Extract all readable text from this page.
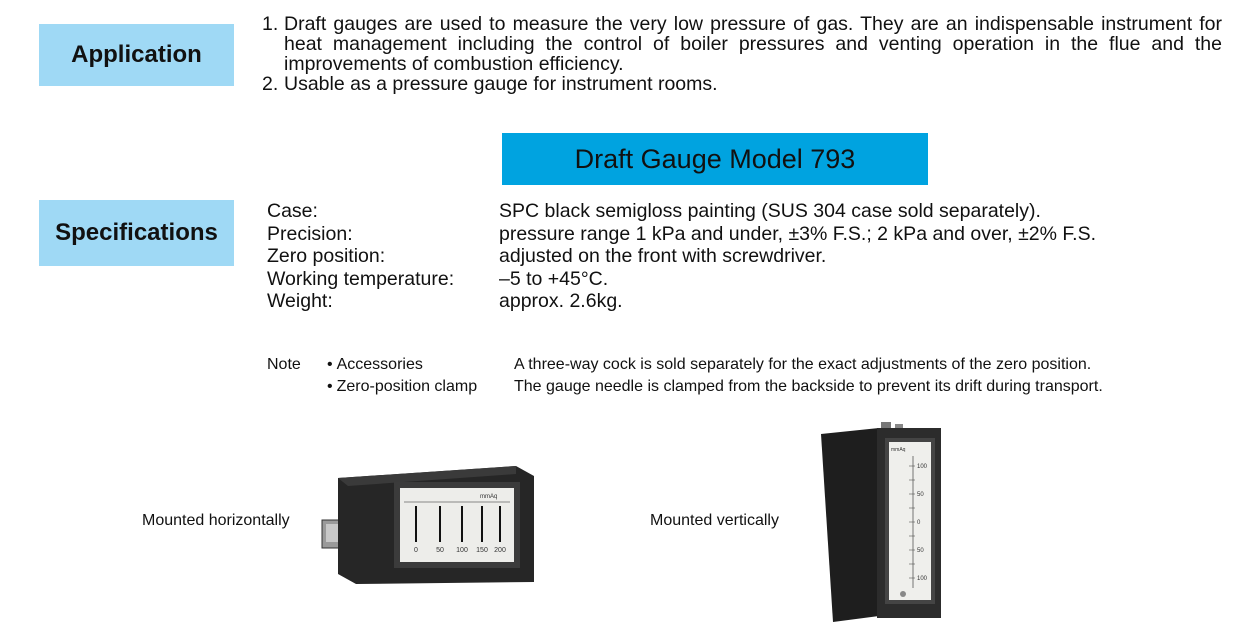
Application
1. Draft gauges are used to measure the very low pressure of gas. They are an indispensable instrument for heat management including the control of boiler pressures and venting operation in the flue and the improvements of combustion efficiency.
2. Usable as a pressure gauge for instrument rooms.
Draft Gauge Model 793
Specifications
Case:	SPC black semigloss painting (SUS 304 case sold separately).
Precision:	pressure range 1 kPa and under, ±3% F.S.; 2 kPa and over, ±2% F.S.
Zero position:	adjusted on the front with screwdriver.
Working temperature:	–5 to +45°C.
Weight:	approx. 2.6kg.
Note	• Accessories	A three-way cock is sold separately for the exact adjustments of the zero position.
• Zero-position clamp	The gauge needle is clamped from the backside to prevent its drift during transport.
Mounted horizontally
mmAq
0	50 100 150 200
Mounted vertically
mmAq
100
50
0
50
100
